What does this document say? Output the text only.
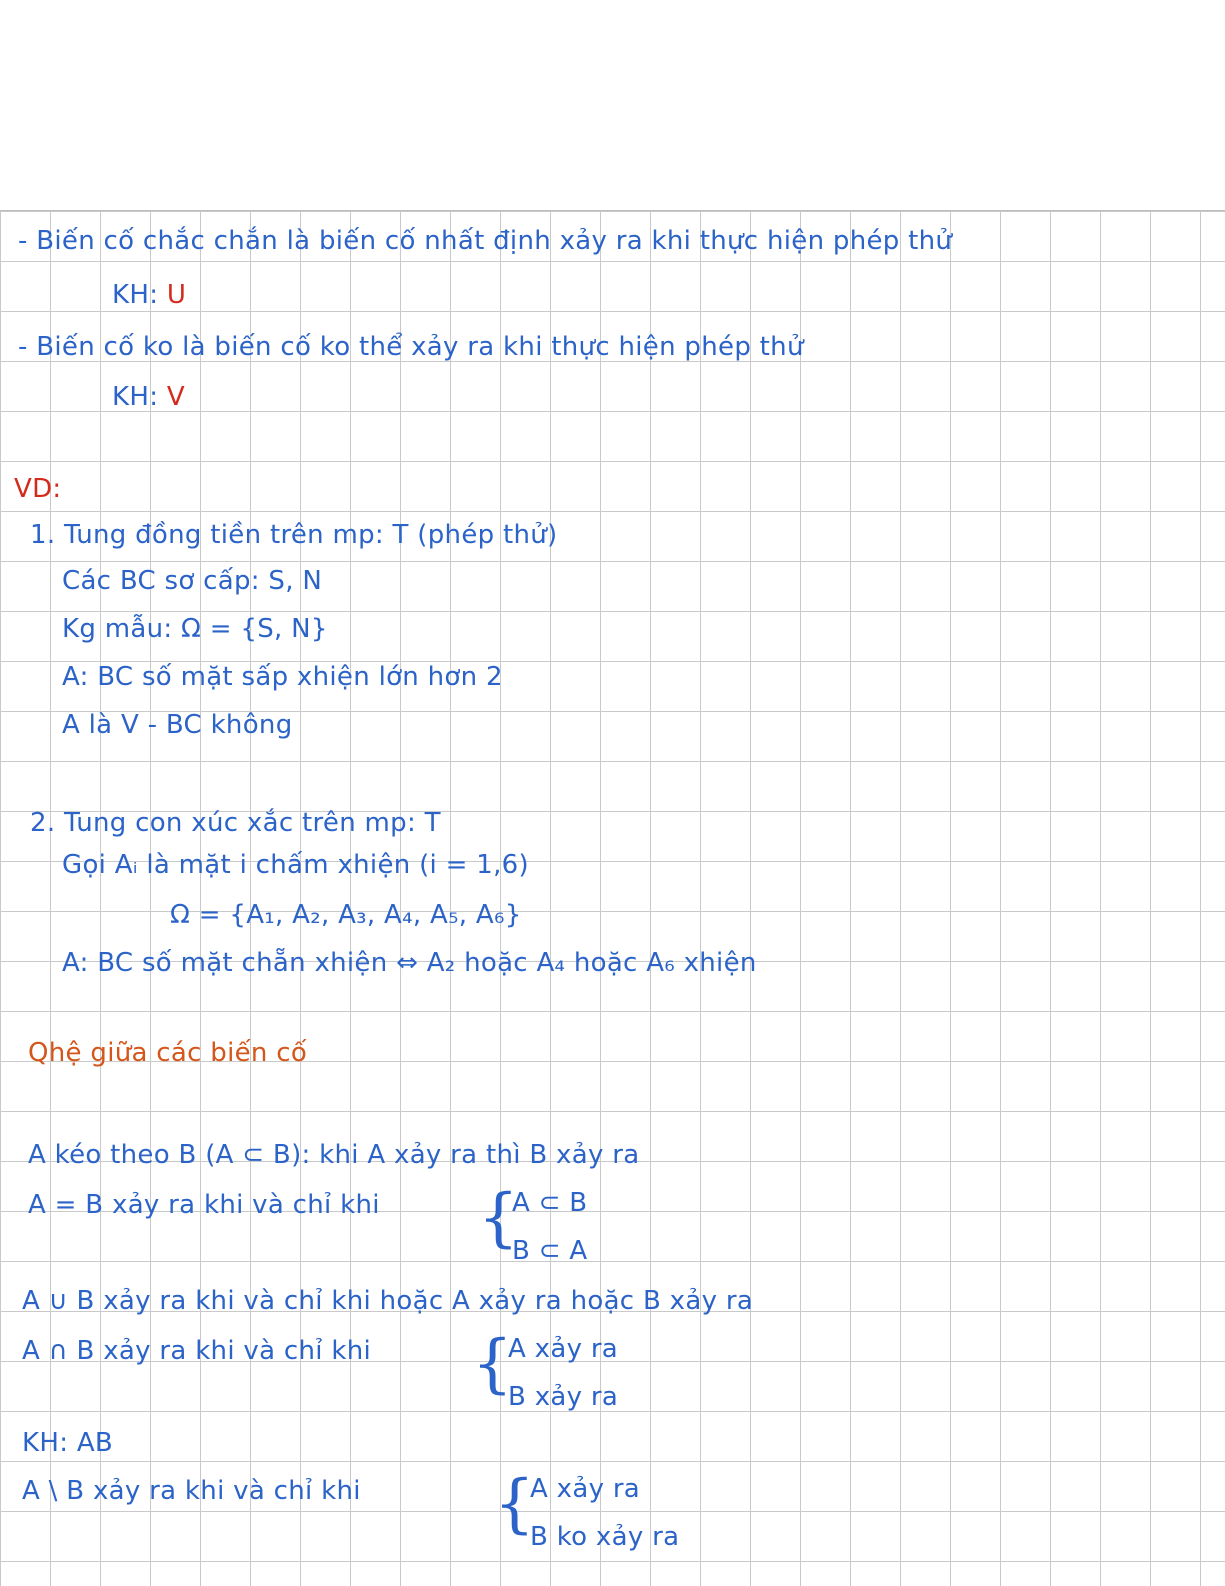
- Biến cố chắc chắn là biến cố nhất định xảy ra khi thực hiện phép thử
KH: U
- Biến cố ko là biến cố ko thể xảy ra khi thực hiện phép thử
KH: V
VD:
1. Tung đồng tiền trên mp: T (phép thử)
Các BC sơ cấp: S, N
Kg mẫu: Ω = {S, N}
A: BC số mặt sấp xhiện lớn hơn 2
A là V - BC không
2. Tung con xúc xắc trên mp: T
Gọi Aᵢ là mặt i chấm xhiện (i = 1,6)
Ω = {A₁, A₂, A₃, A₄, A₅, A₆}
A: BC số mặt chẵn xhiện ⇔ A₂ hoặc A₄ hoặc A₆ xhiện
Qhệ giữa các biến cố
A kéo theo B (A ⊂ B): khi A xảy ra thì B xảy ra
A = B xảy ra khi và chỉ khi {
A ⊂ B
B ⊂ A
A ∪ B xảy ra khi và chỉ khi hoặc A xảy ra hoặc B xảy ra
A ∩ B xảy ra khi và chỉ khi {
A xảy ra
B xảy ra
KH: AB
A \ B xảy ra khi và chỉ khi {
A xảy ra
B ko xảy ra
